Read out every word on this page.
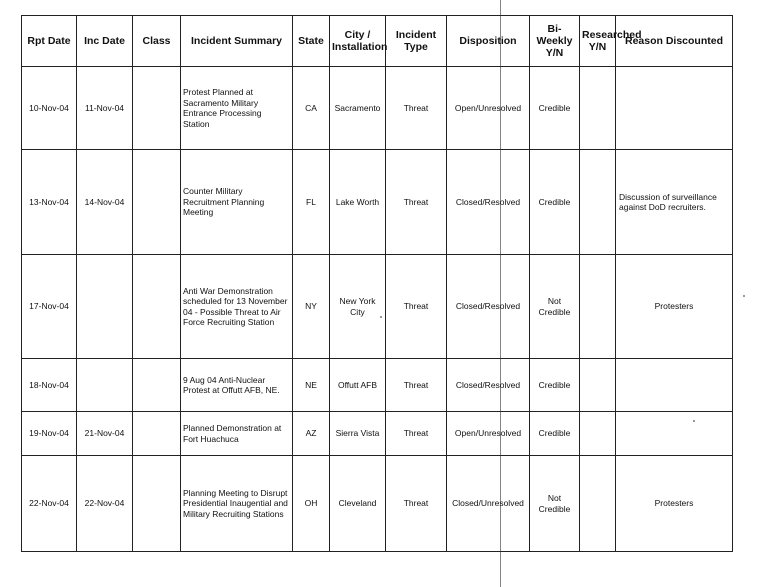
Rpt Date	Inc Date	Class	Incident Summary	State	City / Installation	Incident Type	Disposition	Bi-Weekly Y/N	Researched Y/N	Reason Discounted
10-Nov-04	11-Nov-04		Protest Planned at Sacramento Military Entrance Processing Station	CA	Sacramento	Threat	Open/Unresolved	Credible		
13-Nov-04	14-Nov-04		Counter Military Recruitment Planning Meeting	FL	Lake Worth	Threat	Closed/Resolved	Credible		Discussion of surveillance against DoD recruiters.
17-Nov-04			Anti War Demonstration scheduled for 13 November 04 - Possible Threat to Air Force Recruiting Station	NY	New York City	Threat	Closed/Resolved	Not Credible		Protesters
18-Nov-04			9 Aug 04 Anti-Nuclear Protest at Offutt AFB, NE.	NE	Offutt AFB	Threat	Closed/Resolved	Credible		
19-Nov-04	21-Nov-04		Planned Demonstration at Fort Huachuca	AZ	Sierra Vista	Threat	Open/Unresolved	Credible		
22-Nov-04	22-Nov-04		Planning Meeting to Disrupt Presidential Inaugential and Military Recruiting Stations	OH	Cleveland	Threat	Closed/Unresolved	Not Credible		Protesters
